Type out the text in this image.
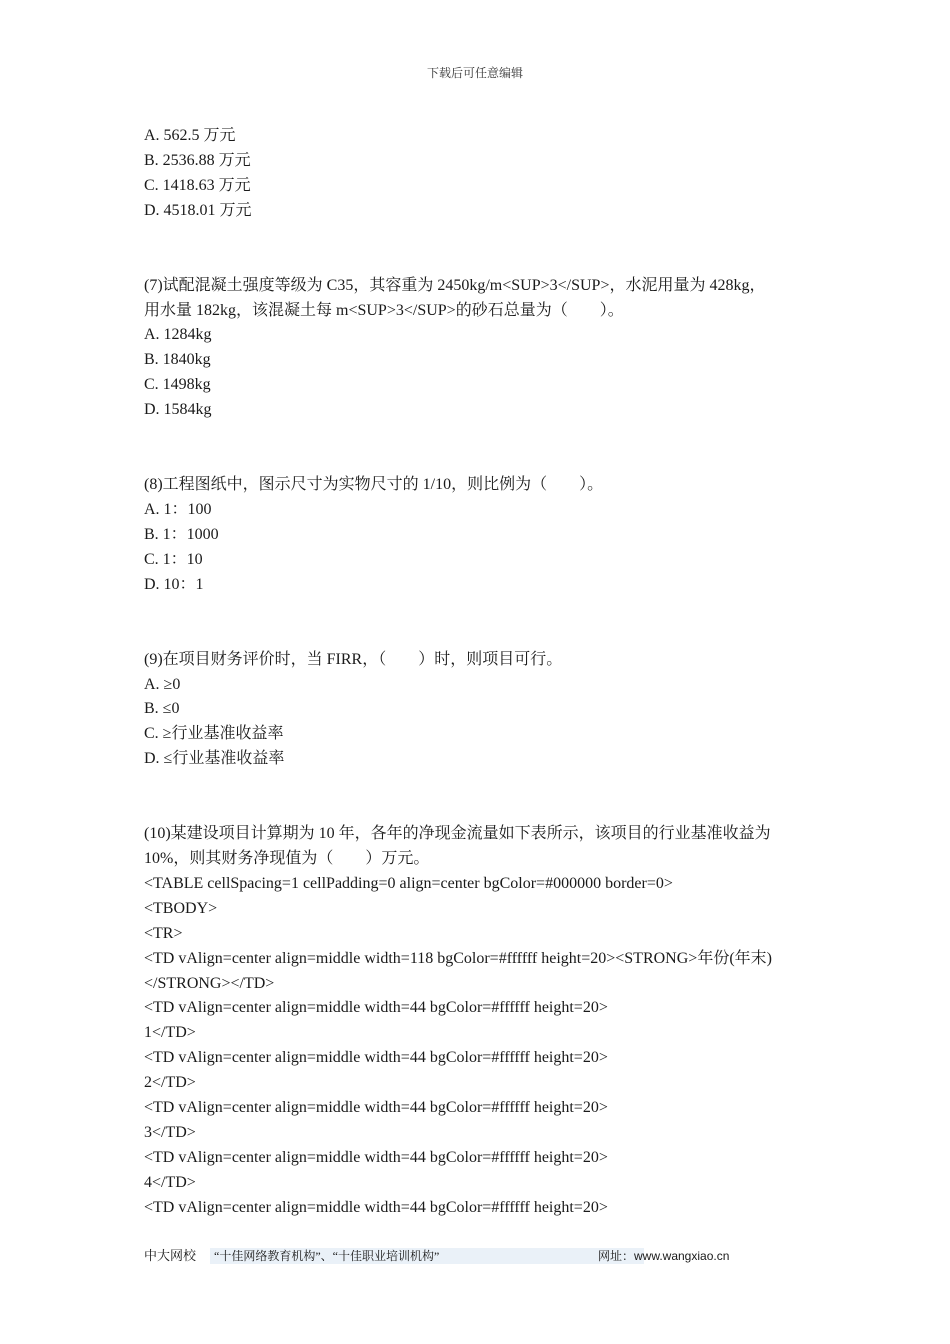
下载后可任意编辑
A. 562.5 万元
B. 2536.88 万元
C. 1418.63 万元
D. 4518.01 万元
(7)试配混凝土强度等级为 C35，其容重为 2450kg/m<SUP>3</SUP>，水泥用量为 428kg，
用水量 182kg，该混凝土每 m<SUP>3</SUP>的砂石总量为（　　）。
A. 1284kg
B. 1840kg
C. 1498kg
D. 1584kg
(8)工程图纸中，图示尺寸为实物尺寸的 1/10，则比例为（　　）。
A. 1：100
B. 1：1000
C. 1：10
D. 10：1
(9)在项目财务评价时，当 FIRR，（　　）时，则项目可行。
A. ≥0
B. ≤0
C. ≥行业基准收益率
D. ≤行业基准收益率
(10)某建设项目计算期为 10 年，各年的净现金流量如下表所示，该项目的行业基准收益为
10%，则其财务净现值为（　　）万元。
<TABLE cellSpacing=1 cellPadding=0 align=center bgColor=#000000 border=0>
<TBODY>
<TR>
<TD vAlign=center align=middle width=118 bgColor=#ffffff height=20><STRONG>年份(年末)
</STRONG></TD>
<TD vAlign=center align=middle width=44 bgColor=#ffffff height=20>
1</TD>
<TD vAlign=center align=middle width=44 bgColor=#ffffff height=20>
2</TD>
<TD vAlign=center align=middle width=44 bgColor=#ffffff height=20>
3</TD>
<TD vAlign=center align=middle width=44 bgColor=#ffffff height=20>
4</TD>
<TD vAlign=center align=middle width=44 bgColor=#ffffff height=20>
中大网校	“十佳网络教育机构”、“十佳职业培训机构”	网址：www.wangxiao.cn
